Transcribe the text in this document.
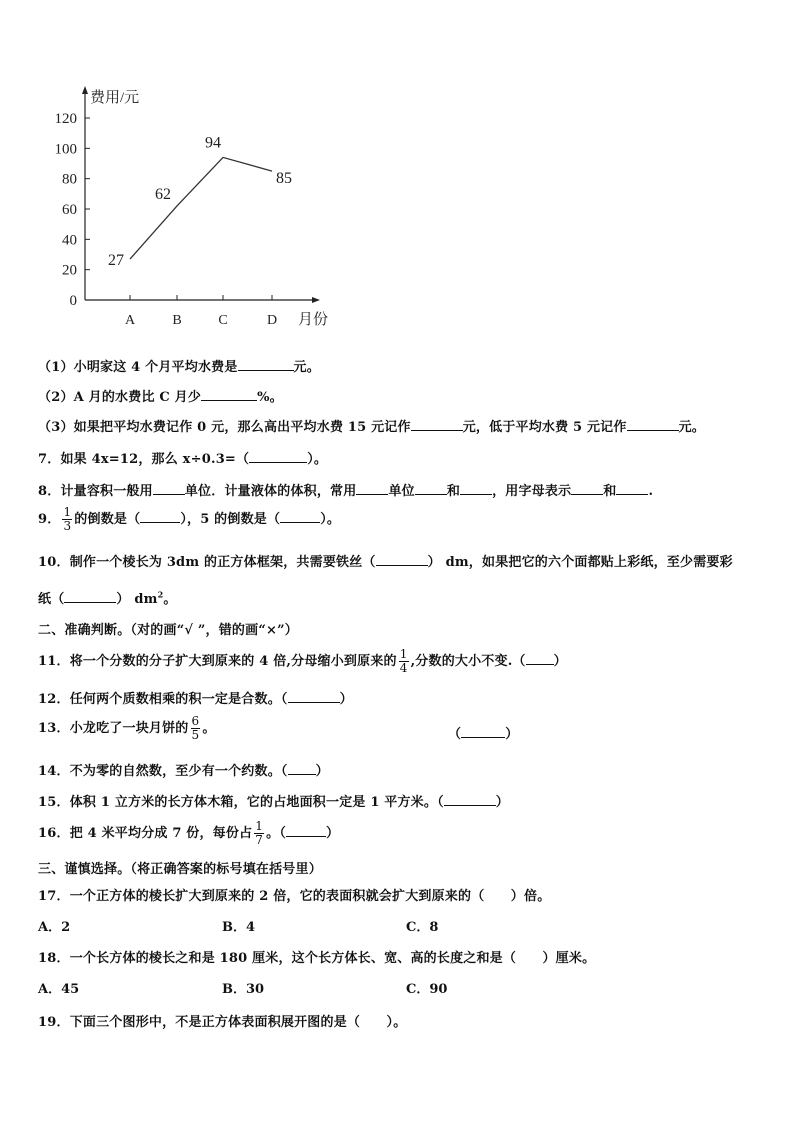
0
20
40
60
80
100
120
费用/元
A	B	C	D 月份
27
62
94
85
（1）小明家这 4 个月平均水费是	元。
（2）A 月的水费比 C 月少	%。
（3）如果把平均水费记作 0 元，那么高出平均水费 15 元记作	元，低于平均水费 5 元记作	元。
7．如果 4x=12，那么 x÷0.3=（	）。
8．计量容积一般用 单位．计量液体的体积，常用 单位 和 ，用字母表示 和 .
9． $\frac{1}{3}$ 的倒数是（	），5 的倒数是（	）。
10．制作一个棱长为 3dm 的正方体框架，共需要铁丝（	） dm，如果把它的六个面都贴上彩纸，至少需要彩
纸（	） $dm^2$。
二、准确判断。（对的画“√ ”，错的画“×”）
11．将一个分数的分子扩大到原来的 4 倍,分母缩小到原来的 $\frac{1}{4}$ ,分数的大小不变.（ ）
12．任何两个质数相乘的积一定是合数。（	）
13．小龙吃了一块月饼的 $\frac{6}{5}$ 。	（	）
14．不为零的自然数，至少有一个约数。（ ）
15．体积 1 立方米的长方体木箱，它的占地面积一定是 1 平方米。（	）
16．把 4 米平均分成 7 份，每份占 $\frac{1}{7}$ 。（	）
三、谨慎选择。（将正确答案的标号填在括号里）
17．一个正方体的棱长扩大到原来的 2 倍，它的表面积就会扩大到原来的（　　）倍。
A．2	B．4	C．8
18．一个长方体的棱长之和是 180 厘米，这个长方体长、宽、高的长度之和是（　　）厘米。
A．45	B．30	C．90
19．下面三个图形中，不是正方体表面积展开图的是（　　）。
